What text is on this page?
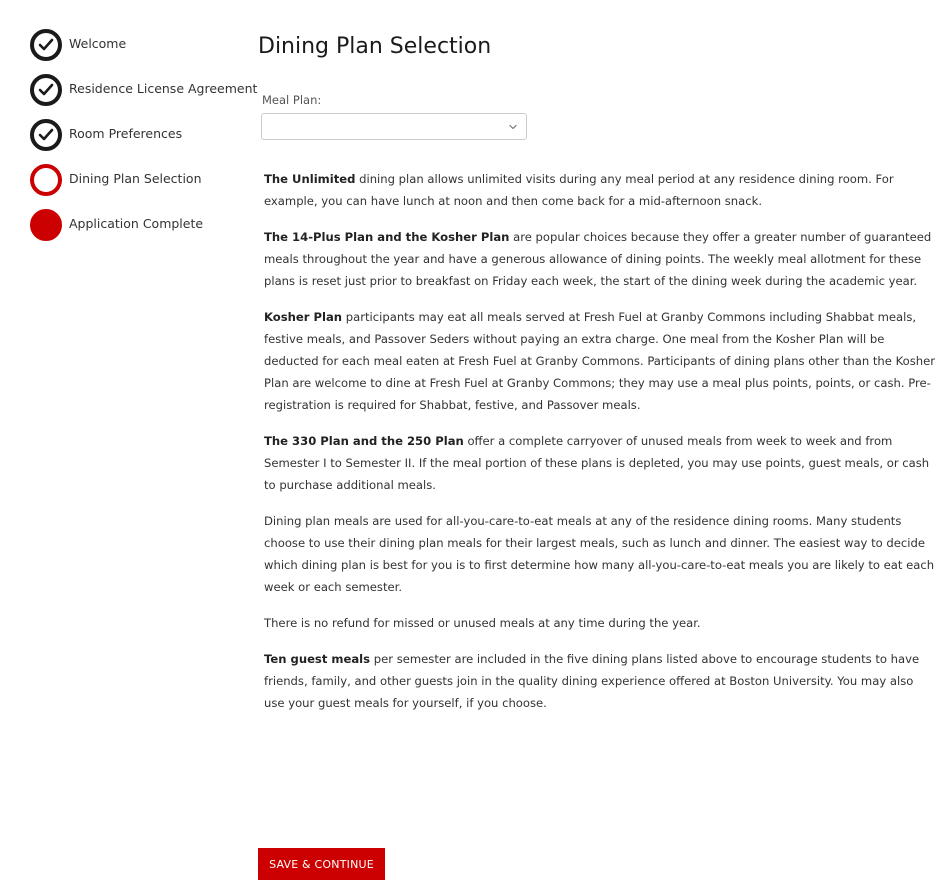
Welcome
Residence License Agreement
Room Preferences
Dining Plan Selection
Application Complete
Dining Plan Selection
Meal Plan:

The Unlimited dining plan allows unlimited visits during any meal period at any residence dining room. For example, you can have lunch at noon and then come back for a mid-afternoon snack.

The 14-Plus Plan and the Kosher Plan are popular choices because they offer a greater number of guaranteed meals throughout the year and have a generous allowance of dining points. The weekly meal allotment for these plans is reset just prior to breakfast on Friday each week, the start of the dining week during the academic year.

Kosher Plan participants may eat all meals served at Fresh Fuel at Granby Commons including Shabbat meals, festive meals, and Passover Seders without paying an extra charge. One meal from the Kosher Plan will be deducted for each meal eaten at Fresh Fuel at Granby Commons. Participants of dining plans other than the Kosher Plan are welcome to dine at Fresh Fuel at Granby Commons; they may use a meal plus points, points, or cash. Pre-registration is required for Shabbat, festive, and Passover meals.

The 330 Plan and the 250 Plan offer a complete carryover of unused meals from week to week and from Semester I to Semester II. If the meal portion of these plans is depleted, you may use points, guest meals, or cash to purchase additional meals.

Dining plan meals are used for all-you-care-to-eat meals at any of the residence dining rooms. Many students choose to use their dining plan meals for their largest meals, such as lunch and dinner. The easiest way to decide which dining plan is best for you is to first determine how many all-you-care-to-eat meals you are likely to eat each week or each semester.

There is no refund for missed or unused meals at any time during the year.

Ten guest meals per semester are included in the five dining plans listed above to encourage students to have friends, family, and other guests join in the quality dining experience offered at Boston University. You may also use your guest meals for yourself, if you choose.

SAVE & CONTINUE
